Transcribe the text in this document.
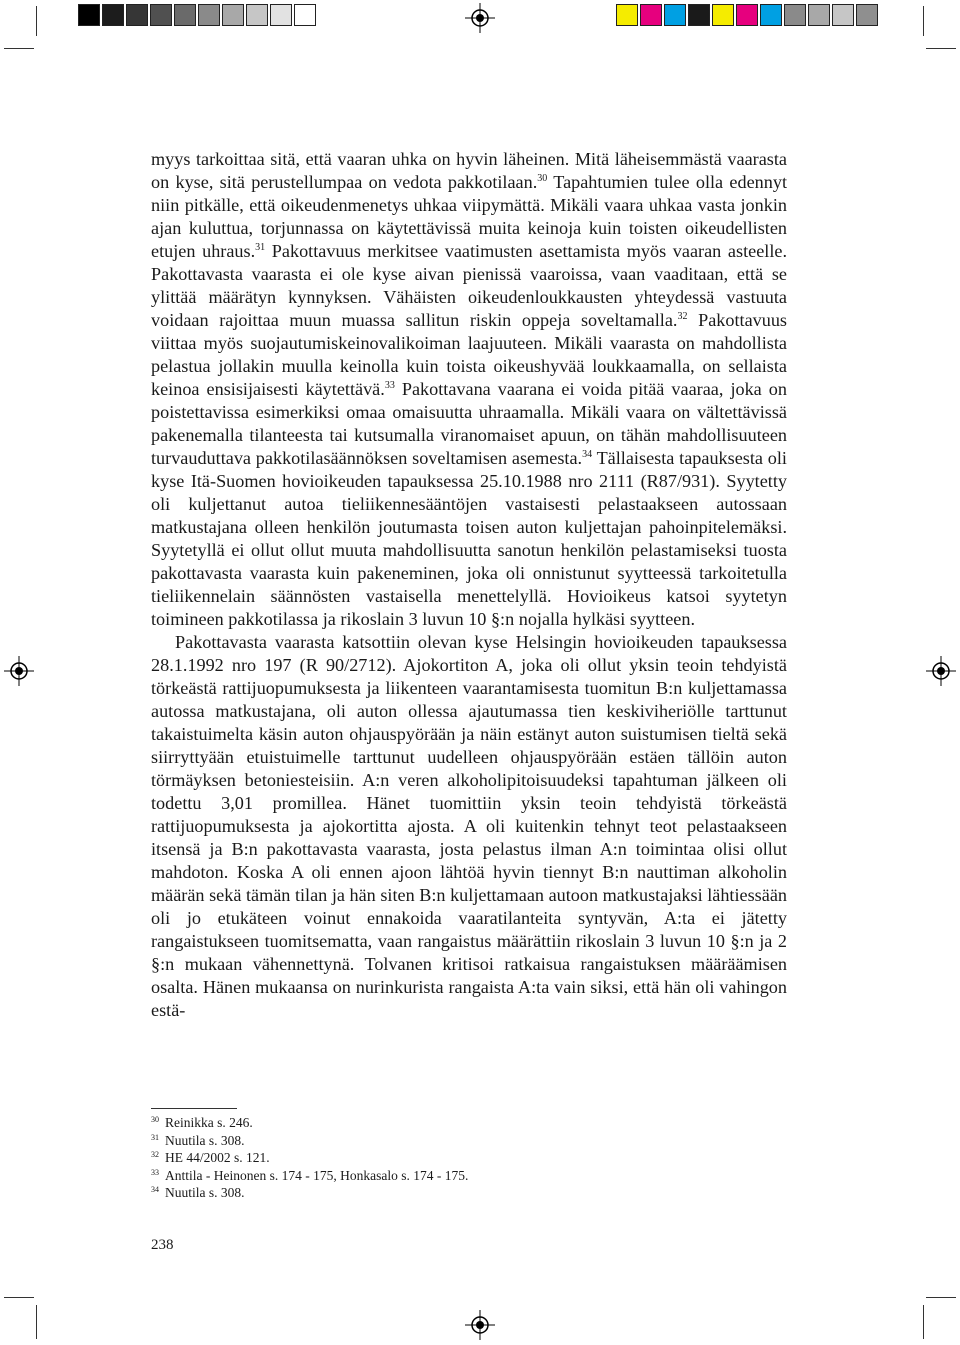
myys tarkoittaa sitä, että vaaran uhka on hyvin läheinen. Mitä läheisemmästä vaarasta on kyse, sitä perustellumpaa on vedota pakkotilaan.$^{30}$ Tapahtumien tulee olla edennyt niin pitkälle, että oikeudenmenetys uhkaa viipymättä. Mikäli vaara uhkaa vasta jonkin ajan kuluttua, torjunnassa on käytettävissä muita keinoja kuin toisten oikeudellisten etujen uhraus.$^{31}$ Pakottavuus merkitsee vaatimusten asettamista myös vaaran asteelle. Pakottavasta vaarasta ei ole kyse aivan pienissä vaaroissa, vaan vaaditaan, että se ylittää määrätyn kynnyksen. Vähäisten oikeudenloukkausten yhteydessä vastuuta voidaan rajoittaa muun muassa sallitun riskin oppeja soveltamalla.$^{32}$ Pakottavuus viittaa myös suojautumiskeinovalikoiman laajuuteen. Mikäli vaarasta on mahdollista pelastua jollakin muulla keinolla kuin toista oikeushyvää loukkaamalla, on sellaista keinoa ensisijaisesti käytettävä.$^{33}$ Pakottavana vaarana ei voida pitää vaaraa, joka on poistettavissa esimerkiksi omaa omaisuutta uhraamalla. Mikäli vaara on vältettävissä pakenemalla tilanteesta tai kutsumalla viranomaiset apuun, on tähän mahdollisuuteen turvauduttava pakkotilasäännöksen soveltamisen asemesta.$^{34}$ Tällaisesta tapauksesta oli kyse Itä-Suomen hovioikeuden tapauksessa 25.10.1988 nro 2111 (R87/931). Syytetty oli kuljettanut autoa tieliikennesääntöjen vastaisesti pelastaakseen autossaan matkustajana olleen henkilön joutumasta toisen auton kuljettajan pahoinpitelemäksi. Syytetyllä ei ollut ollut muuta mahdollisuutta sanotun henkilön pelastamiseksi tuosta pakottavasta vaarasta kuin pakeneminen, joka oli onnistunut syytteessä tarkoitetulla tieliikennelain säännösten vastaisella menettelyllä. Hovioikeus katsoi syytetyn toimineen pakkotilassa ja rikoslain 3 luvun 10 §:n nojalla hylkäsi syytteen.

Pakottavasta vaarasta katsottiin olevan kyse Helsingin hovioikeuden tapauksessa 28.1.1992 nro 197 (R 90/2712). Ajokortiton A, joka oli ollut yksin teoin tehdyistä törkeästä rattijuopumuksesta ja liikenteen vaarantamisesta tuomitun B:n kuljettamassa autossa matkustajana, oli auton ollessa ajautumassa tien keskiviheriölle tarttunut takaistuimelta käsin auton ohjauspyörään ja näin estänyt auton suistumisen tieltä sekä siirryttyään etuistuimelle tarttunut uudelleen ohjauspyörään estäen tällöin auton törmäyksen betoniesteisiin. A:n veren alkoholipitoisuudeksi tapahtuman jälkeen oli todettu 3,01 promillea. Hänet tuomittiin yksin teoin tehdyistä törkeästä rattijuopumuksesta ja ajokortitta ajosta. A oli kuitenkin tehnyt teot pelastaakseen itsensä ja B:n pakottavasta vaarasta, josta pelastus ilman A:n toimintaa olisi ollut mahdoton. Koska A oli ennen ajoon lähtöä hyvin tiennyt B:n nauttiman alkoholin määrän sekä tämän tilan ja hän siten B:n kuljettamaan autoon matkustajaksi lähtiessään oli jo etukäteen voinut ennakoida vaaratilanteita syntyvän, A:ta ei jätetty rangaistukseen tuomitsematta, vaan rangaistus määrättiin rikoslain 3 luvun 10 §:n ja 2 §:n mukaan vähennettynä. Tolvanen kritisoi ratkaisua rangaistuksen määräämisen osalta. Hänen mukaansa on nurinkurista rangaista A:ta vain siksi, että hän oli vahingon estä-

$^{30}$ Reinikka s. 246.
$^{31}$ Nuutila s. 308.
$^{32}$ HE 44/2002 s. 121.
$^{33}$ Anttila - Heinonen s. 174 - 175, Honkasalo s. 174 - 175.
$^{34}$ Nuutila s. 308.
238
